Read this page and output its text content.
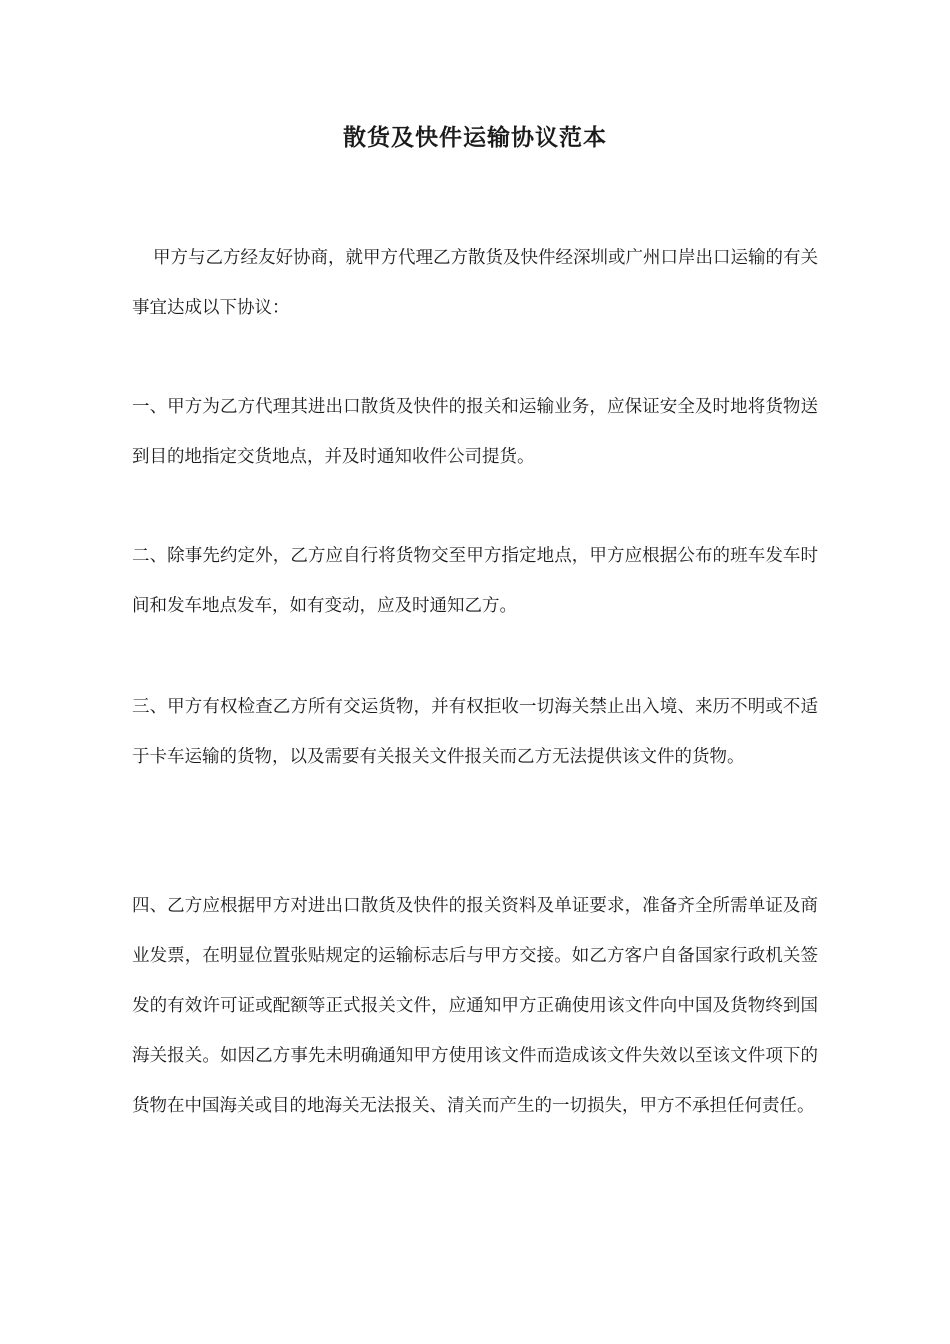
散货及快件运输协议范本

甲方与乙方经友好协商，就甲方代理乙方散货及快件经深圳或广州口岸出口运输的有关事宜达成以下协议：

一、甲方为乙方代理其进出口散货及快件的报关和运输业务，应保证安全及时地将货物送到目的地指定交货地点，并及时通知收件公司提货。

二、除事先约定外，乙方应自行将货物交至甲方指定地点，甲方应根据公布的班车发车时间和发车地点发车，如有变动，应及时通知乙方。

三、甲方有权检查乙方所有交运货物，并有权拒收一切海关禁止出入境、来历不明或不适于卡车运输的货物，以及需要有关报关文件报关而乙方无法提供该文件的货物。

四、乙方应根据甲方对进出口散货及快件的报关资料及单证要求，准备齐全所需单证及商业发票，在明显位置张贴规定的运输标志后与甲方交接。如乙方客户自备国家行政机关签发的有效许可证或配额等正式报关文件，应通知甲方正确使用该文件向中国及货物终到国海关报关。如因乙方事先未明确通知甲方使用该文件而造成该文件失效以至该文件项下的货物在中国海关或目的地海关无法报关、清关而产生的一切损失，甲方不承担任何责任。
